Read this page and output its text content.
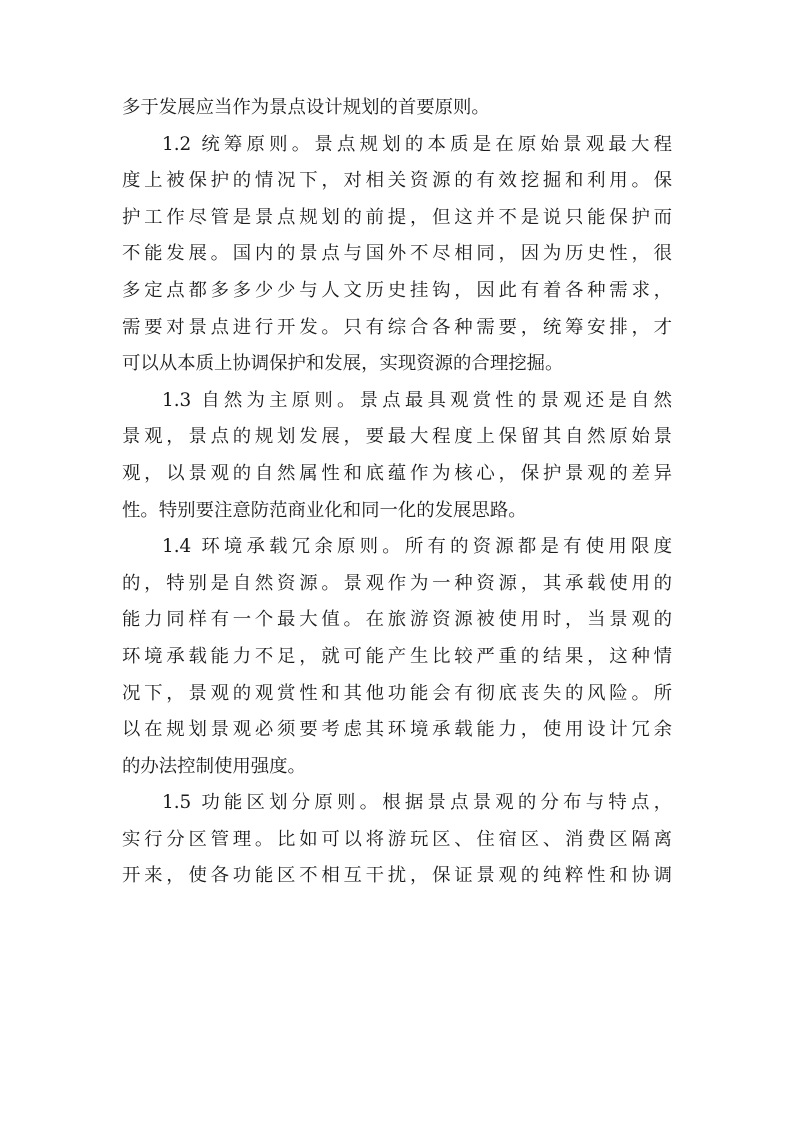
多于发展应当作为景点设计规划的首要原则。
1.2 统筹原则。景点规划的本质是在原始景观最大程
度上被保护的情况下，对相关资源的有效挖掘和利用。保
护工作尽管是景点规划的前提，但这并不是说只能保护而
不能发展。国内的景点与国外不尽相同，因为历史性，很
多定点都多多少少与人文历史挂钩，因此有着各种需求，
需要对景点进行开发。只有综合各种需要，统筹安排，才
可以从本质上协调保护和发展，实现资源的合理挖掘。
1.3 自然为主原则。景点最具观赏性的景观还是自然
景观，景点的规划发展，要最大程度上保留其自然原始景
观，以景观的自然属性和底蕴作为核心，保护景观的差异
性。特别要注意防范商业化和同一化的发展思路。
1.4 环境承载冗余原则。所有的资源都是有使用限度
的，特别是自然资源。景观作为一种资源，其承载使用的
能力同样有一个最大值。在旅游资源被使用时，当景观的
环境承载能力不足，就可能产生比较严重的结果，这种情
况下，景观的观赏性和其他功能会有彻底丧失的风险。所
以在规划景观必须要考虑其环境承载能力，使用设计冗余
的办法控制使用强度。
1.5 功能区划分原则。根据景点景观的分布与特点，
实行分区管理。比如可以将游玩区、住宿区、消费区隔离
开来，使各功能区不相互干扰，保证景观的纯粹性和协调
